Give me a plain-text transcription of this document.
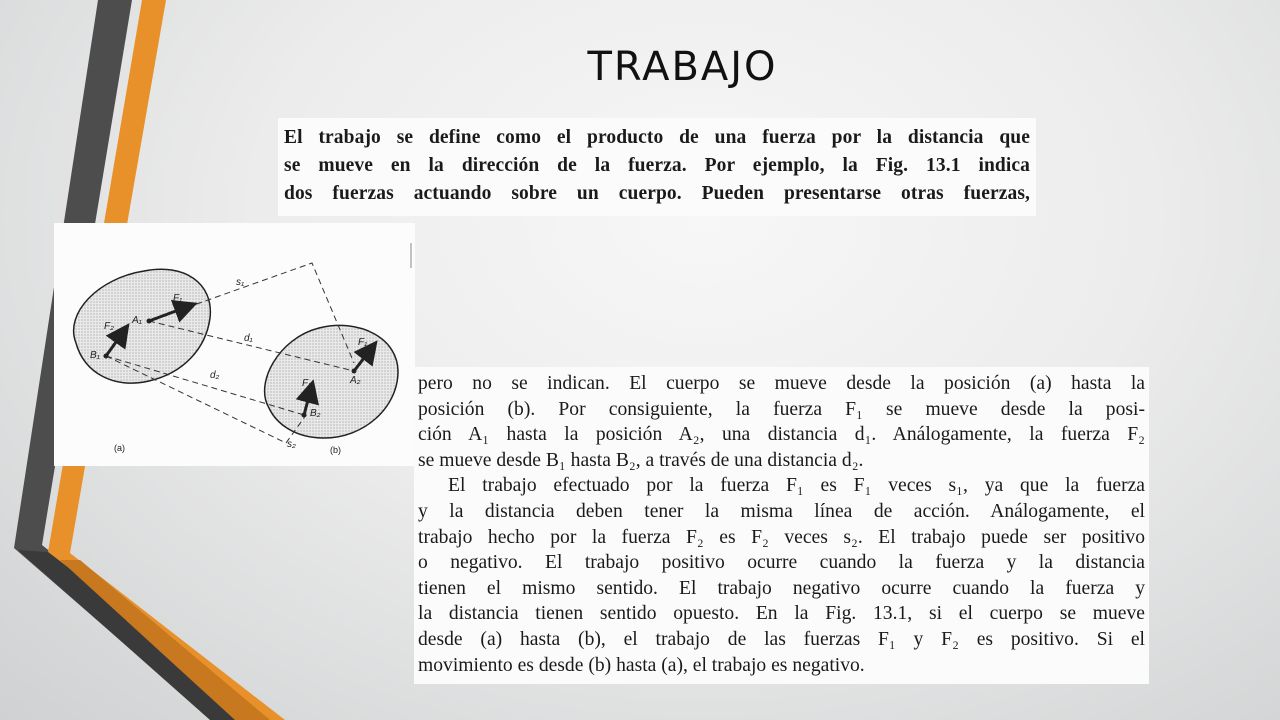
TRABAJO

El trabajo se define como el producto de una fuerza por la distancia que
se mueve en la dirección de la fuerza. Por ejemplo, la Fig. 13.1 indica
dos fuerzas actuando sobre un cuerpo. Pueden presentarse otras fuerzas,

s₁
F₁
F₂
A₁
B₁
d₁
d₂
F₁
F₂	A₂
B₂
s₂
(a)	(b)

pero no se indican. El cuerpo se mueve desde la posición (a) hasta la
posición (b). Por consiguiente, la fuerza F₁ se mueve desde la posi-
ción A₁ hasta la posición A₂, una distancia d₁. Análogamente, la fuerza F₂
se mueve desde B₁ hasta B₂, a través de una distancia d₂.
El trabajo efectuado por la fuerza F₁ es F₁ veces s₁, ya que la fuerza
y la distancia deben tener la misma línea de acción. Análogamente, el
trabajo hecho por la fuerza F₂ es F₂ veces s₂. El trabajo puede ser positivo
o negativo. El trabajo positivo ocurre cuando la fuerza y la distancia
tienen el mismo sentido. El trabajo negativo ocurre cuando la fuerza y
la distancia tienen sentido opuesto. En la Fig. 13.1, si el cuerpo se mueve
desde (a) hasta (b), el trabajo de las fuerzas F₁ y F₂ es positivo. Si el
movimiento es desde (b) hasta (a), el trabajo es negativo.
